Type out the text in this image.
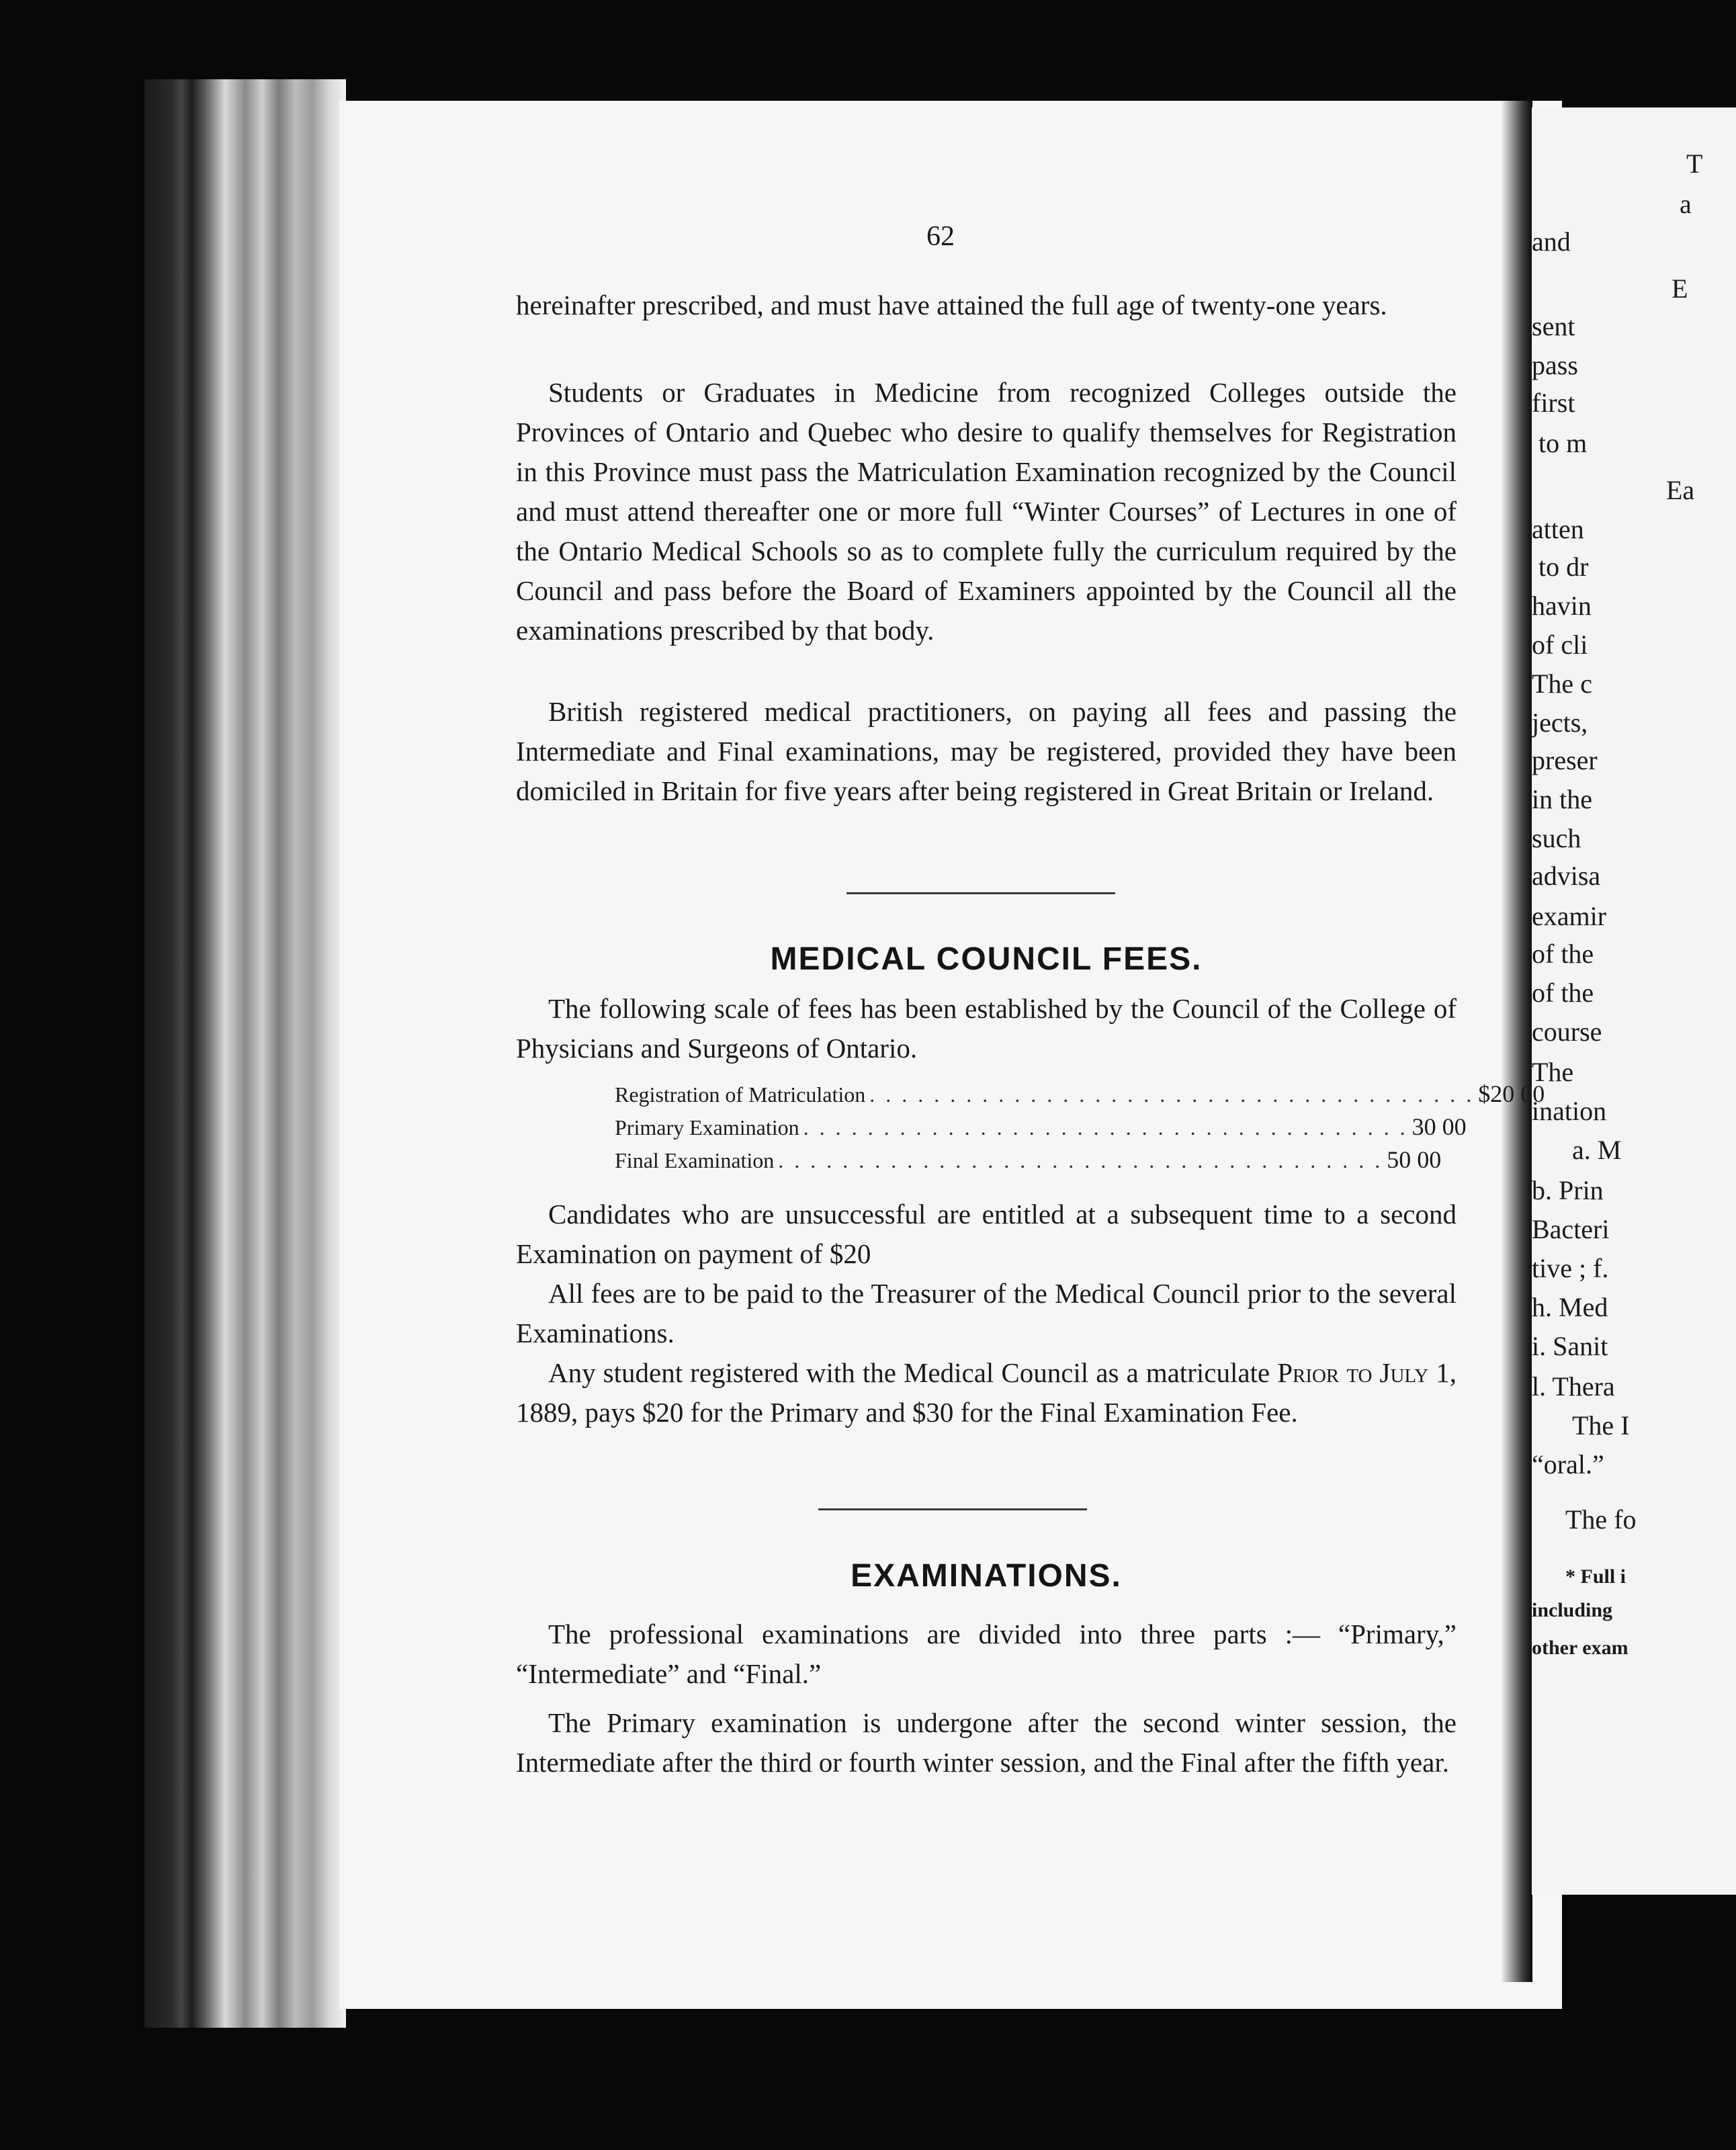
T
a
and
E
sent
pass
first
to m
Ea
atten
to dr
havin
of cli
The c
jects,
preser
in the
such
advisa
examir
of the
of the
course
The
ination
a. M
b. Prin
Bacteri
tive ; f.
h. Med
i. Sanit
l. Thera
The I
“oral.”
The fo
* Full i
including
other exam
62

hereinafter prescribed, and must have attained the full age of twenty-one years.

Students or Graduates in Medicine from recognized Colleges outside the Provinces of Ontario and Quebec who desire to qualify themselves for Registration in this Province must pass the Matriculation Examination recognized by the Council and must attend thereafter one or more full “Winter Courses” of Lectures in one of the Ontario Medical Schools so as to complete fully the curriculum required by the Council and pass before the Board of Examiners appointed by the Council all the examinations prescribed by that body.

British registered medical practitioners, on paying all fees and passing the Intermediate and Final examinations, may be registered, provided they have been domiciled in Britain for five years after being registered in Great Britain or Ireland.

MEDICAL COUNCIL FEES.

The following scale of fees has been established by the Council of the College of Physicians and Surgeons of Ontario.

Registration of Matriculation . . . . . . . . . . . . . . . . . . . . . . . . . . . . . . . . . . . . . . $20 00
Primary Examination . . . . . . . . . . . . . . . . . . . . . . . . . . . . . . . . . . . . . . 30 00
Final Examination . . . . . . . . . . . . . . . . . . . . . . . . . . . . . . . . . . . . . . 50 00

Candidates who are unsuccessful are entitled at a subsequent time to a second Examination on payment of $20

All fees are to be paid to the Treasurer of the Medical Council prior to the several Examinations.

Any student registered with the Medical Council as a matriculate Prior to July 1, 1889, pays $20 for the Primary and $30 for the Final Examination Fee.

EXAMINATIONS.

The professional examinations are divided into three parts :— “Primary,” “Intermediate” and “Final.”

The Primary examination is undergone after the second winter session, the Intermediate after the third or fourth winter session, and the Final after the fifth year.
